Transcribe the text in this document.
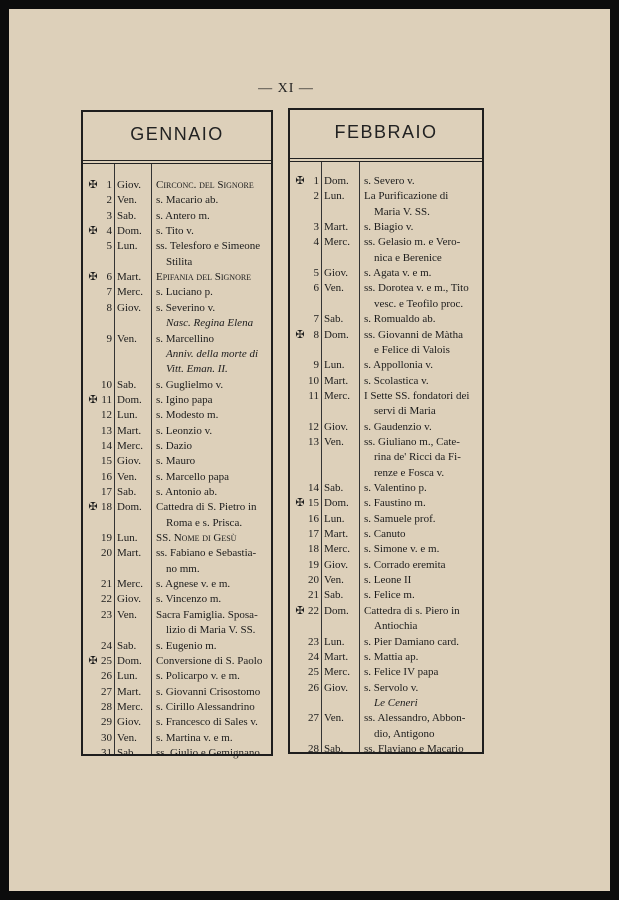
— XI —
GENNAIO
✠ 1 Giov. Circonc. del Signore
2 Ven. s. Macario ab.
3 Sab. s. Antero m.
✠ 4 Dom. s. Tito v.
5 Lun. ss. Telesforo e Simeone
Stilita
✠ 6 Mart. Epifania del Signore
7 Merc. s. Luciano p.
8 Giov. s. Severino v.
Nasc. Regina Elena
9 Ven. s. Marcellino
Anniv. della morte di
Vitt. Eman. II.
10 Sab. s. Guglielmo v.
✠ 11 Dom. s. Igino papa
12 Lun. s. Modesto m.
13 Mart. s. Leonzio v.
14 Merc. s. Dazio
15 Giov. s. Mauro
16 Ven. s. Marcello papa
17 Sab. s. Antonio ab.
✠ 18 Dom. Cattedra di S. Pietro in
Roma e s. Prisca.
19 Lun. SS. Nome di Gesù
20 Mart. ss. Fabiano e Sebastia-
no mm.
21 Merc. s. Agnese v. e m.
22 Giov. s. Vincenzo m.
23 Ven. Sacra Famiglia. Sposa-
lizio di Maria V. SS.
24 Sab. s. Eugenio m.
✠ 25 Dom. Conversione di S. Paolo
26 Lun. s. Policarpo v. e m.
27 Mart. s. Giovanni Crisostomo
28 Merc. s. Cirillo Alessandrino
29 Giov. s. Francesco di Sales v.
30 Ven. s. Martina v. e m.
31 Sab. ss. Giulio e Gemignano
FEBBRAIO
✠ 1 Dom. s. Severo v.
2 Lun. La Purificazione di
Maria V. SS.
3 Mart. s. Biagio v.
4 Merc. ss. Gelasio m. e Vero-
nica e Berenice
5 Giov. s. Agata v. e m.
6 Ven. ss. Dorotea v. e m., Tito
vesc. e Teofilo proc.
7 Sab. s. Romualdo ab.
✠ 8 Dom. ss. Giovanni de Màtha
e Felice di Valois
9 Lun. s. Appollonia v.
10 Mart. s. Scolastica v.
11 Merc. I Sette SS. fondatori dei
servi di Maria
12 Giov. s. Gaudenzio v.
13 Ven. ss. Giuliano m., Cate-
rina de' Ricci da Fi-
renze e Fosca v.
14 Sab. s. Valentino p.
✠ 15 Dom. s. Faustino m.
16 Lun. s. Samuele prof.
17 Mart. s. Canuto
18 Merc. s. Simone v. e m.
19 Giov. s. Corrado eremita
20 Ven. s. Leone II
21 Sab. s. Felice m.
✠ 22 Dom. Cattedra di s. Piero in
Antiochia
23 Lun. s. Pier Damiano card.
24 Mart. s. Mattia ap.
25 Merc. s. Felice IV papa
26 Giov. s. Servolo v.
Le Ceneri
27 Ven. ss. Alessandro, Abbon-
dio, Antigono
28 Sab. ss. Flaviano e Macario
